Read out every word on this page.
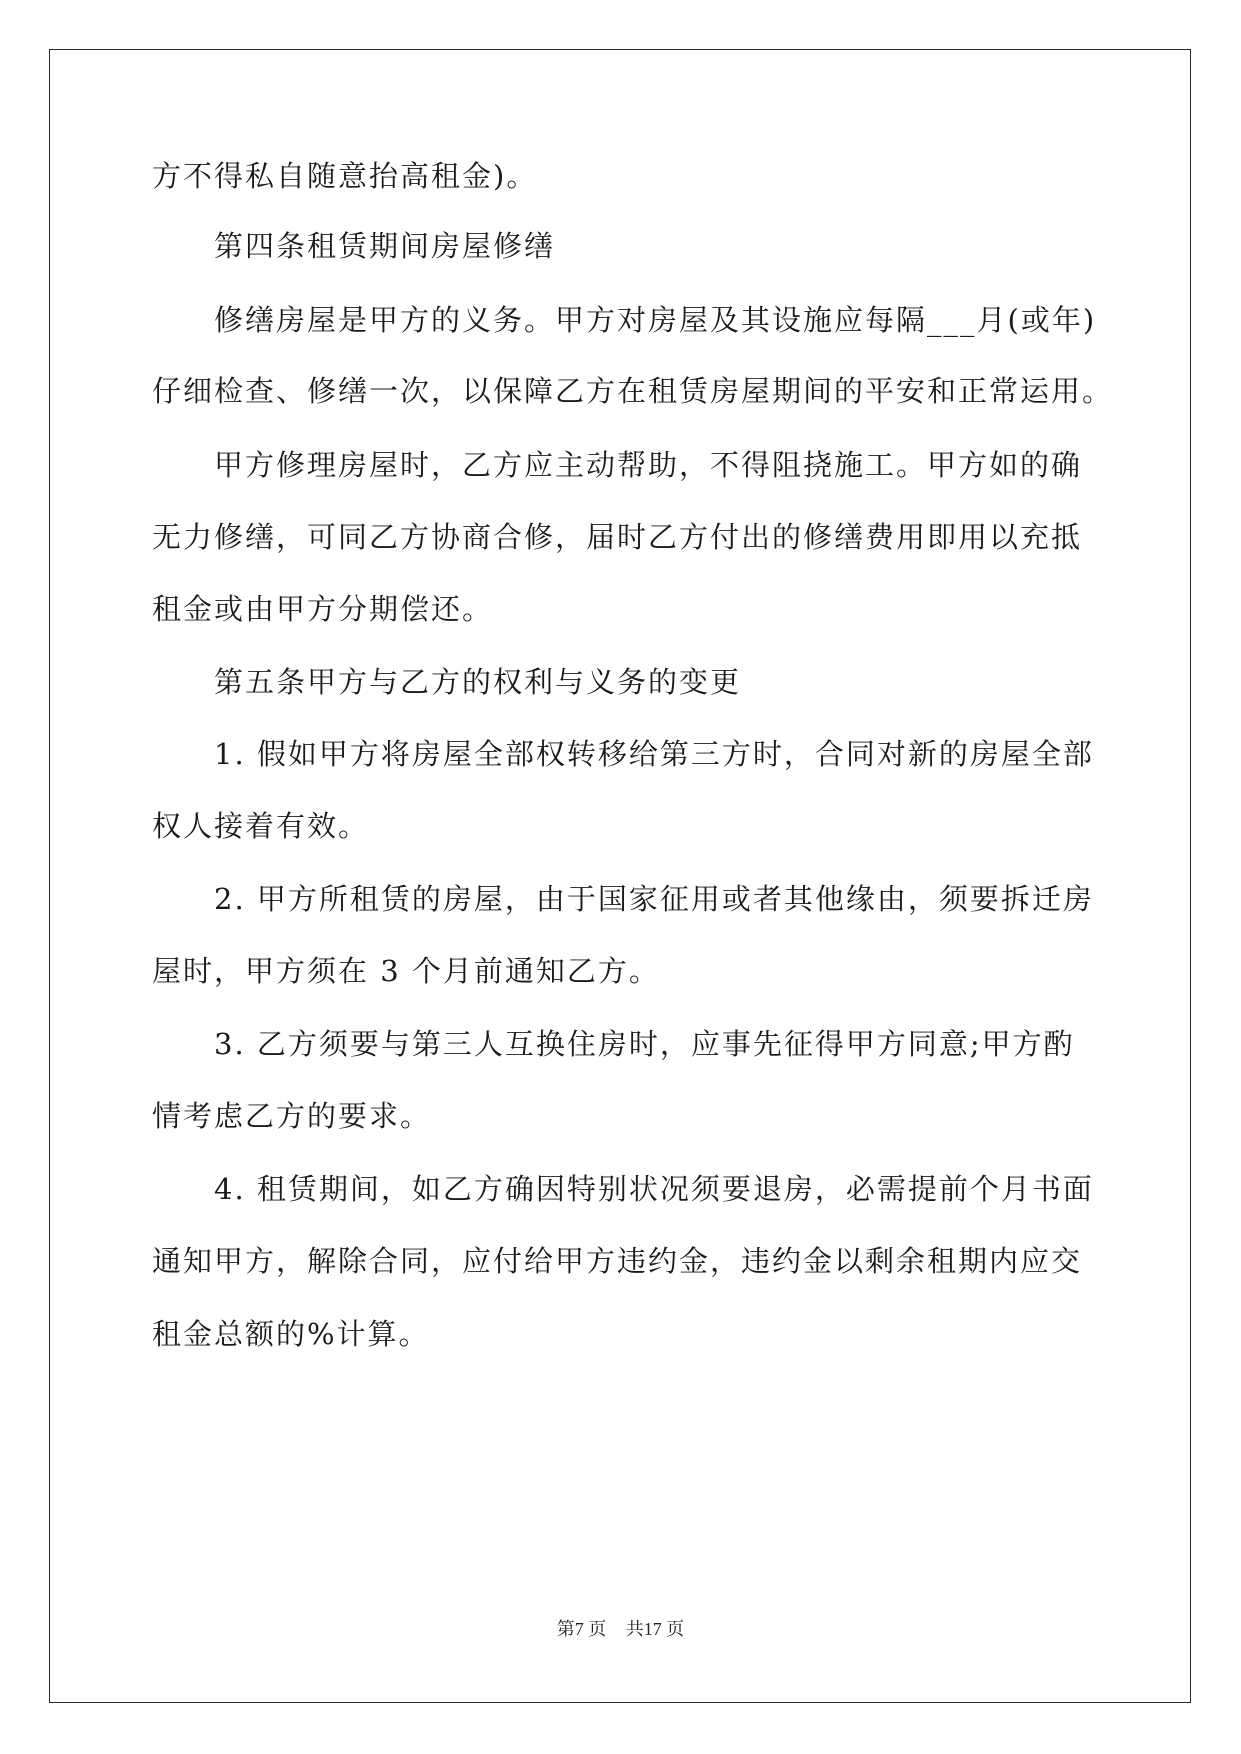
方不得私自随意抬高租金)。
第四条租赁期间房屋修缮
修缮房屋是甲方的义务。甲方对房屋及其设施应每隔___月(或年)
仔细检查、修缮一次，以保障乙方在租赁房屋期间的平安和正常运用。
甲方修理房屋时，乙方应主动帮助，不得阻挠施工。甲方如的确
无力修缮，可同乙方协商合修，届时乙方付出的修缮费用即用以充抵
租金或由甲方分期偿还。
第五条甲方与乙方的权利与义务的变更
1. 假如甲方将房屋全部权转移给第三方时，合同对新的房屋全部
权人接着有效。
2. 甲方所租赁的房屋，由于国家征用或者其他缘由，须要拆迁房
屋时，甲方须在 3 个月前通知乙方。
3. 乙方须要与第三人互换住房时，应事先征得甲方同意;甲方酌
情考虑乙方的要求。
4. 租赁期间，如乙方确因特别状况须要退房，必需提前个月书面
通知甲方，解除合同，应付给甲方违约金，违约金以剩余租期内应交
租金总额的%计算。
第7 页 共17 页
